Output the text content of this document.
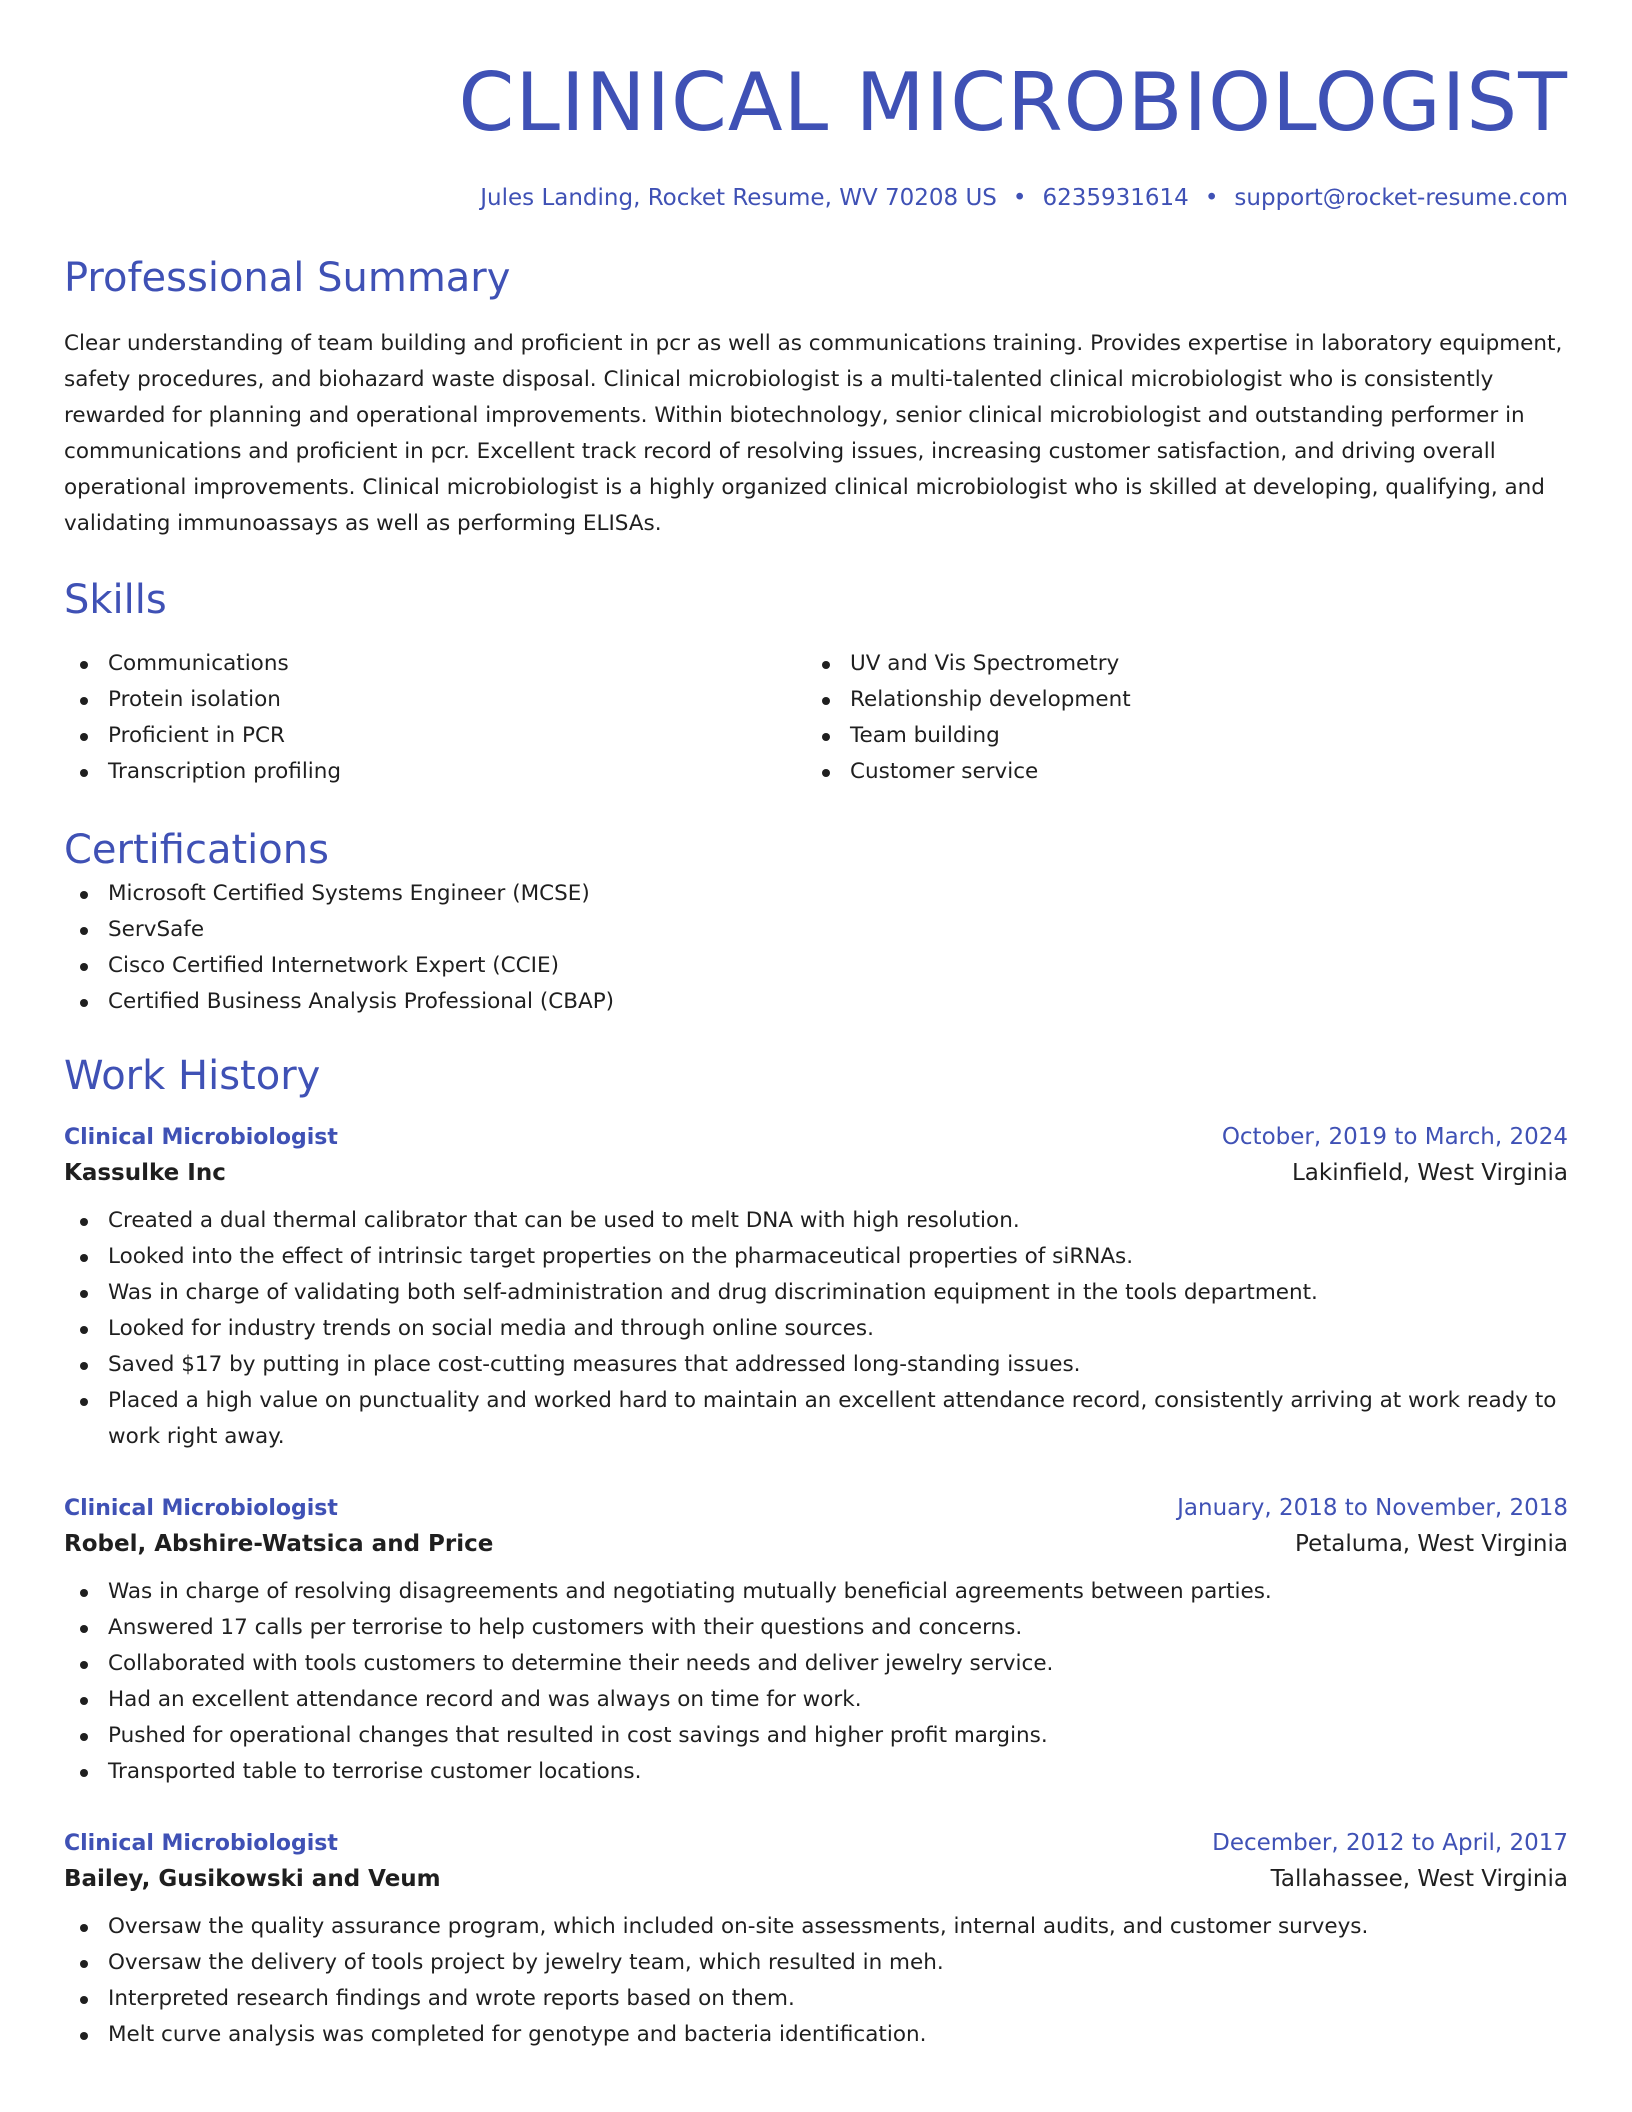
CLINICAL MICROBIOLOGIST
Jules Landing, Rocket Resume, WV 70208 US • 6235931614 • support@rocket-resume.com
Professional Summary

Clear understanding of team building and proficient in pcr as well as communications training. Provides expertise in laboratory equipment, safety procedures, and biohazard waste disposal. Clinical microbiologist is a multi-talented clinical microbiologist who is consistently rewarded for planning and operational improvements. Within biotechnology, senior clinical microbiologist and outstanding performer in communications and proficient in pcr. Excellent track record of resolving issues, increasing customer satisfaction, and driving overall operational improvements. Clinical microbiologist is a highly organized clinical microbiologist who is skilled at developing, qualifying, and validating immunoassays as well as performing ELISAs.

Skills
Communications
Protein isolation
Proficient in PCR
Transcription profiling
UV and Vis Spectrometry
Relationship development
Team building
Customer service
Certifications
Microsoft Certified Systems Engineer (MCSE)
ServSafe
Cisco Certified Internetwork Expert (CCIE)
Certified Business Analysis Professional (CBAP)
Work History
Clinical Microbiologist	October, 2019 to March, 2024
Kassulke Inc	Lakinfield, West Virginia
Created a dual thermal calibrator that can be used to melt DNA with high resolution.
Looked into the effect of intrinsic target properties on the pharmaceutical properties of siRNAs.
Was in charge of validating both self-administration and drug discrimination equipment in the tools department.
Looked for industry trends on social media and through online sources.
Saved $17 by putting in place cost-cutting measures that addressed long-standing issues.
Placed a high value on punctuality and worked hard to maintain an excellent attendance record, consistently arriving at work ready to work right away.
Clinical Microbiologist	January, 2018 to November, 2018
Robel, Abshire-Watsica and Price	Petaluma, West Virginia
Was in charge of resolving disagreements and negotiating mutually beneficial agreements between parties.
Answered 17 calls per terrorise to help customers with their questions and concerns.
Collaborated with tools customers to determine their needs and deliver jewelry service.
Had an excellent attendance record and was always on time for work.
Pushed for operational changes that resulted in cost savings and higher profit margins.
Transported table to terrorise customer locations.
Clinical Microbiologist	December, 2012 to April, 2017
Bailey, Gusikowski and Veum	Tallahassee, West Virginia
Oversaw the quality assurance program, which included on-site assessments, internal audits, and customer surveys.
Oversaw the delivery of tools project by jewelry team, which resulted in meh.
Interpreted research findings and wrote reports based on them.
Melt curve analysis was completed for genotype and bacteria identification.
